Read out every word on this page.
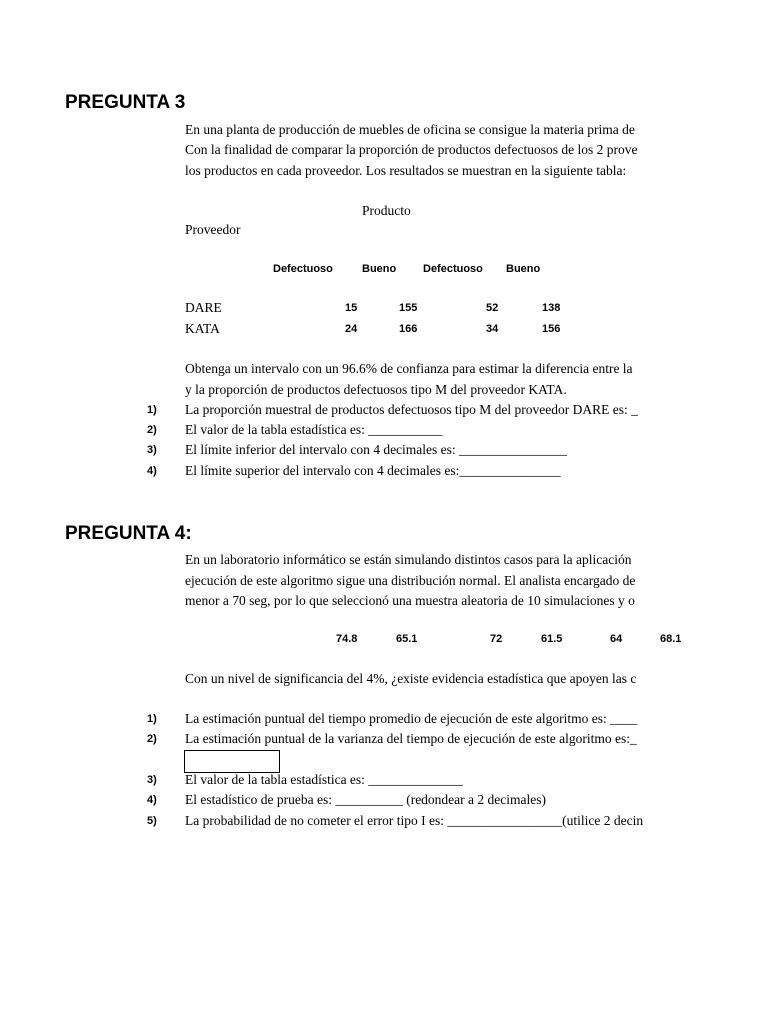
PREGUNTA 3
En una planta de producción de muebles de oficina se consigue la materia prima de
Con la finalidad de comparar la proporción de productos defectuosos de los 2 prove
los productos en cada proveedor. Los resultados se muestran en la siguiente tabla:
Producto
Proveedor
Defectuoso	Bueno Defectuoso Bueno
DARE	15	155	52	138
KATA	24	166	34	156
Obtenga un intervalo con un 96.6% de confianza para estimar la diferencia entre la
y la proporción de productos defectuosos tipo M del proveedor KATA.
1) La proporción muestral de productos defectuosos tipo M del proveedor DARE es: _
2) El valor de la tabla estadística es: ___________
3) El límite inferior del intervalo con 4 decimales es: ________________
4) El límite superior del intervalo con 4 decimales es:_______________
PREGUNTA 4:
En un laboratorio informático se están simulando distintos casos para la aplicación
ejecución de este algoritmo sigue una distribución normal. El analista encargado de
menor a 70 seg, por lo que seleccionó una muestra aleatoria de 10 simulaciones y o
74.8	65.1	72	61.5	64	68.1
Con un nivel de significancia del 4%, ¿existe evidencia estadística que apoyen las c
1) La estimación puntual del tiempo promedio de ejecución de este algoritmo es: ____
2) La estimación puntual de la varianza del tiempo de ejecución de este algoritmo es:_
3) El valor de la tabla estadística es: ______________
4) El estadístico de prueba es: __________ (redondear a 2 decimales)
5) La probabilidad de no cometer el error tipo I es: _________________(utilice 2 decin
